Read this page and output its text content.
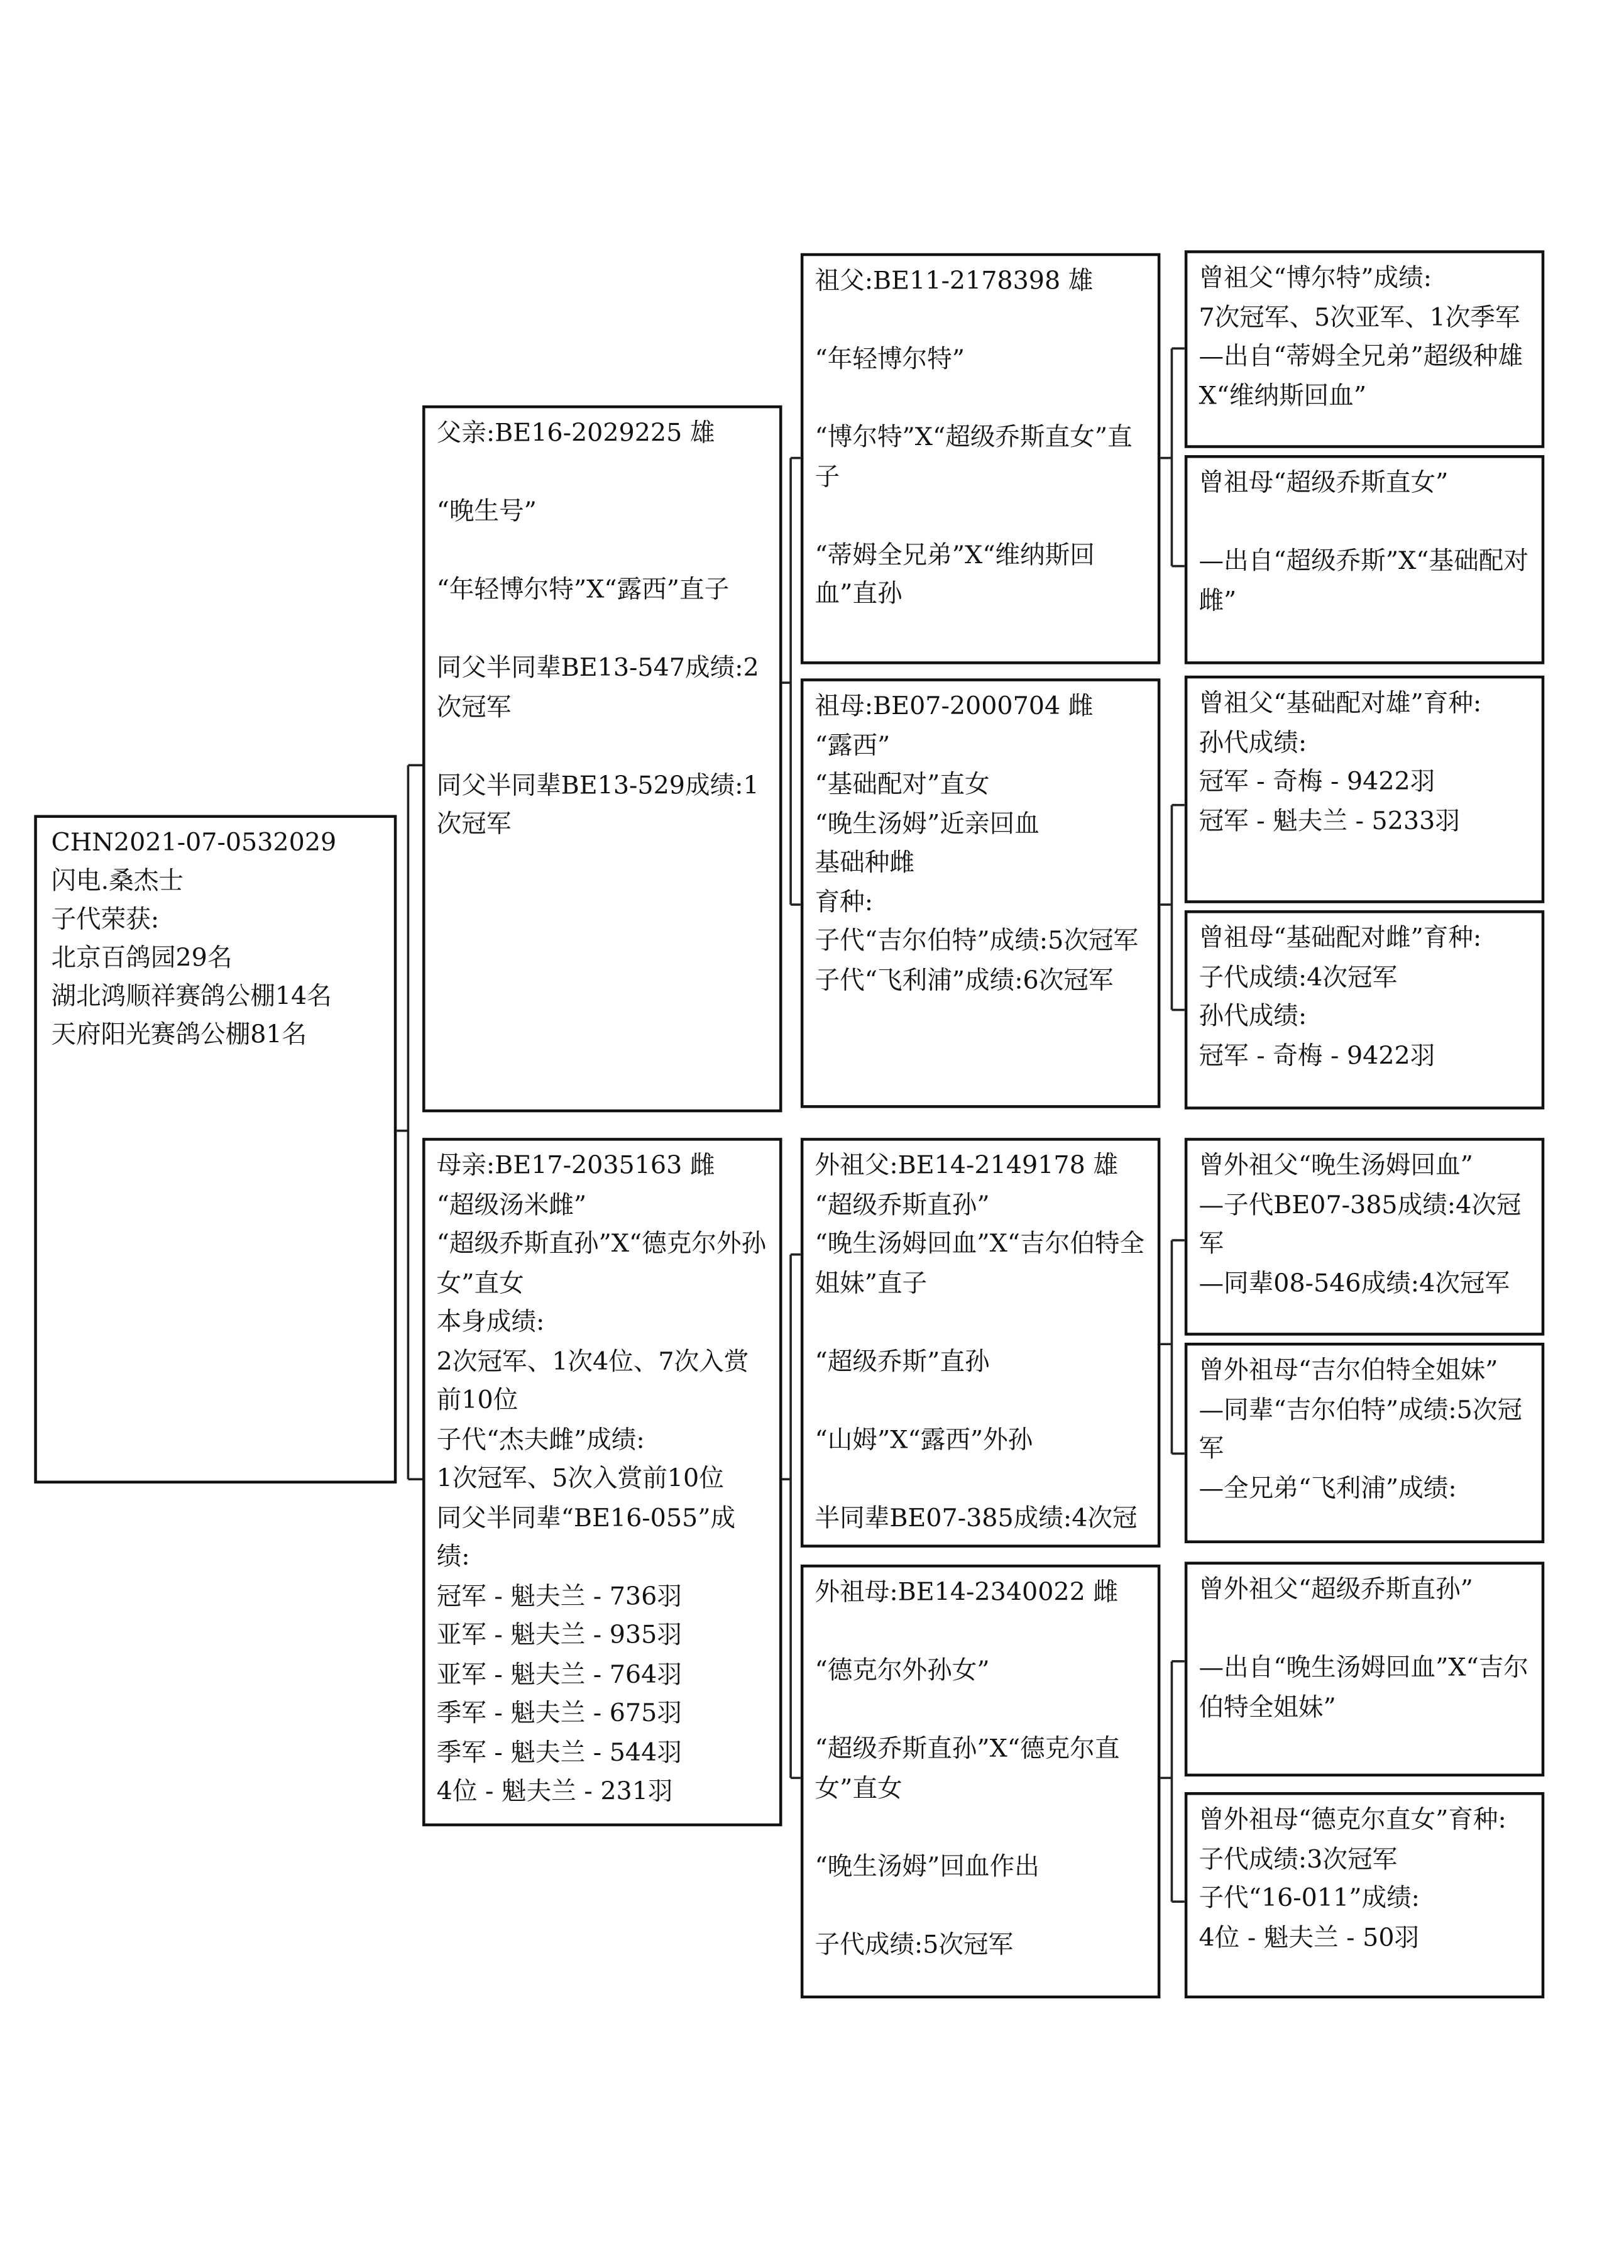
CHN2021-07-0532029

闪电.桑杰士

子代荣获:

北京百鸽园29名

湖北鸿顺祥赛鸽公棚14名

天府阳光赛鸽公棚81名

父亲:BE16-2029225 雄

“晚生号”

“年轻博尔特”X“露西”直子

同父半同辈BE13-547成绩:2次冠军

同父半同辈BE13-529成绩:1次冠军

母亲:BE17-2035163 雌

“超级汤米雌”

“超级乔斯直孙”X“德克尔外孙女”直女

本身成绩:

2次冠军、1次4位、7次入赏前10位

子代“杰夫雌”成绩:

1次冠军、5次入赏前10位

同父半同辈“BE16-055”成绩:

冠军 - 魁夫兰 - 736羽

亚军 - 魁夫兰 - 935羽

亚军 - 魁夫兰 - 764羽

季军 - 魁夫兰 - 675羽

季军 - 魁夫兰 - 544羽

4位 - 魁夫兰 - 231羽

祖父:BE11-2178398 雄

“年轻博尔特”

“博尔特”X“超级乔斯直女”直子

“蒂姆全兄弟”X“维纳斯回血”直孙

祖母:BE07-2000704 雌

“露西”

“基础配对”直女

“晚生汤姆”近亲回血

基础种雌

育种:

子代“吉尔伯特”成绩:5次冠军

子代“飞利浦”成绩:6次冠军

外祖父:BE14-2149178 雄

“超级乔斯直孙”

“晚生汤姆回血”X“吉尔伯特全姐妹”直子

“超级乔斯”直孙

“山姆”X“露西”外孙

半同辈BE07-385成绩:4次冠

外祖母:BE14-2340022 雌

“德克尔外孙女”

“超级乔斯直孙”X“德克尔直女”直女

“晚生汤姆”回血作出

子代成绩:5次冠军

曾祖父“博尔特”成绩:

7次冠军、5次亚军、1次季军

—出自“蒂姆全兄弟”超级种雄X“维纳斯回血”

曾祖母“超级乔斯直女”

—出自“超级乔斯”X“基础配对雌”

曾祖父“基础配对雄”育种:

孙代成绩:

冠军 - 奇梅 - 9422羽

冠军 - 魁夫兰 - 5233羽

曾祖母“基础配对雌”育种:

子代成绩:4次冠军

孙代成绩:

冠军 - 奇梅 - 9422羽

曾外祖父“晚生汤姆回血”

—子代BE07-385成绩:4次冠军

—同辈08-546成绩:4次冠军

曾外祖母“吉尔伯特全姐妹”

—同辈“吉尔伯特”成绩:5次冠军

—全兄弟“飞利浦”成绩:

曾外祖父“超级乔斯直孙”

—出自“晚生汤姆回血”X“吉尔伯特全姐妹”

曾外祖母“德克尔直女”育种:

子代成绩:3次冠军

子代“16-011”成绩:

4位 - 魁夫兰 - 50羽
